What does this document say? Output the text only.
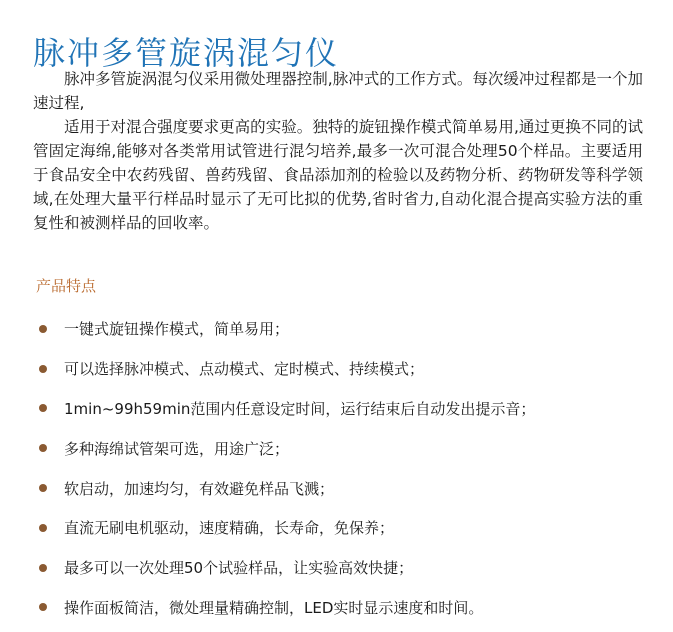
脉冲多管旋涡混匀仪

脉冲多管旋涡混匀仪采用微处理器控制,脉冲式的工作方式。每次缓冲过程都是一个加速过程,

适用于对混合强度要求更高的实验。独特的旋钮操作模式简单易用,通过更换不同的试管固定海绵,能够对各类常用试管进行混匀培养,最多一次可混合处理50个样品。主要适用于食品安全中农药残留、兽药残留、食品添加剂的检验以及药物分析、药物研发等科学领域,在处理大量平行样品时显示了无可比拟的优势,省时省力,自动化混合提高实验方法的重复性和被测样品的回收率。

产品特点
一键式旋钮操作模式，简单易用；
可以选择脉冲模式、点动模式、定时模式、持续模式；
1min~99h59min范围内任意设定时间，运行结束后自动发出提示音；
多种海绵试管架可选，用途广泛；
软启动，加速均匀，有效避免样品飞溅；
直流无刷电机驱动，速度精确，长寿命，免保养；
最多可以一次处理50个试验样品，让实验高效快捷；
操作面板简洁，微处理量精确控制，LED实时显示速度和时间。
